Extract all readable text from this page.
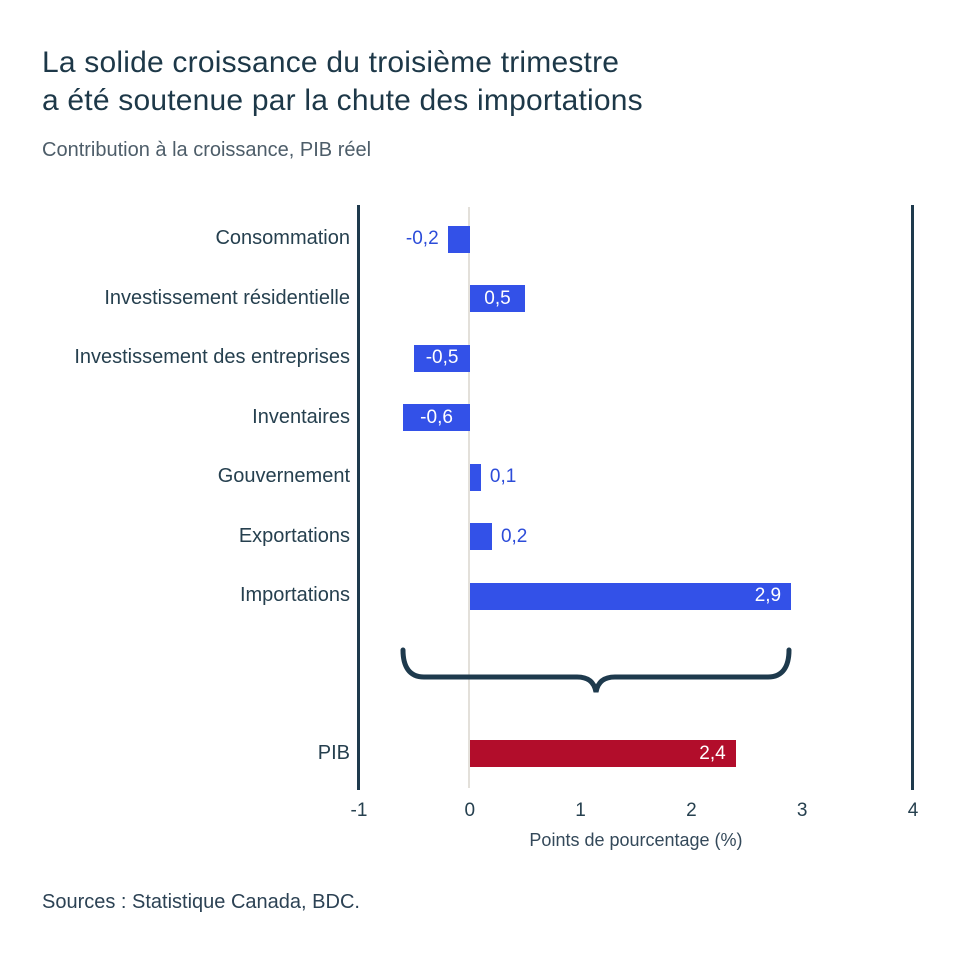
La solide croissance du troisième trimestre
a été soutenue par la chute des importations
Contribution à la croissance, PIB réel
Consommation	-0,2
Investissement résidentielle	0,5
Investissement des entreprises	-0,5
Inventaires	-0,6
Gouvernement	0,1
Exportations	0,2
Importations	2,9
PIB	2,4
-1	0	1	2	3	4
Points de pourcentage (%)
Sources : Statistique Canada, BDC.
